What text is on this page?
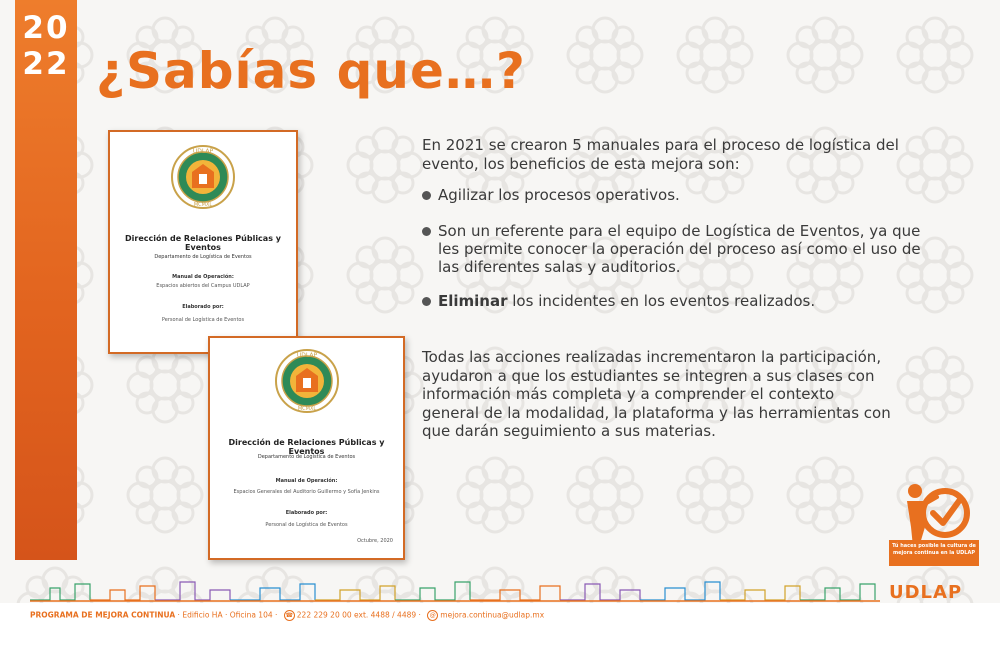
20
22 ¿Sabías que…?
UDLAP
MCMXL
Dirección de Relaciones Públicas y Eventos
Departamento de Logística de Eventos
Manual de Operación:
Espacios abiertos del Campus UDLAP
Elaborado por:
Personal de Logística de Eventos
UDLAP
MCMXL
Dirección de Relaciones Públicas y Eventos
Departamento de Logística de Eventos
Manual de Operación:
Espacios Generales del Auditorio Guillermo y Sofía Jenkins
Elaborado por:
Personal de Logística de Eventos
Octubre, 2020
En 2021 se crearon 5 manuales para el proceso de logística del evento, los beneficios de esta mejora son:
Agilizar los procesos operativos.
Son un referente para el equipo de Logística de Eventos, ya que les permite conocer la operación del proceso así como el uso de las diferentes salas y auditorios.
Eliminar los incidentes en los eventos realizados.
Todas las acciones realizadas incrementaron la participación, ayudaron a que los estudiantes se integren a sus clases con información más completa y a comprender el contexto general de la modalidad, la plataforma y las herramientas con que darán seguimiento a sus materias.
Tú haces posible la cultura de mejora continua en la UDLAP
UDLAP
PROGRAMA DE MEJORA CONTINUA · Edificio HA · Oficina 104 · ☎ 222 229 20 00 ext. 4488 / 4489 · @ mejora.continua@udlap.mx
